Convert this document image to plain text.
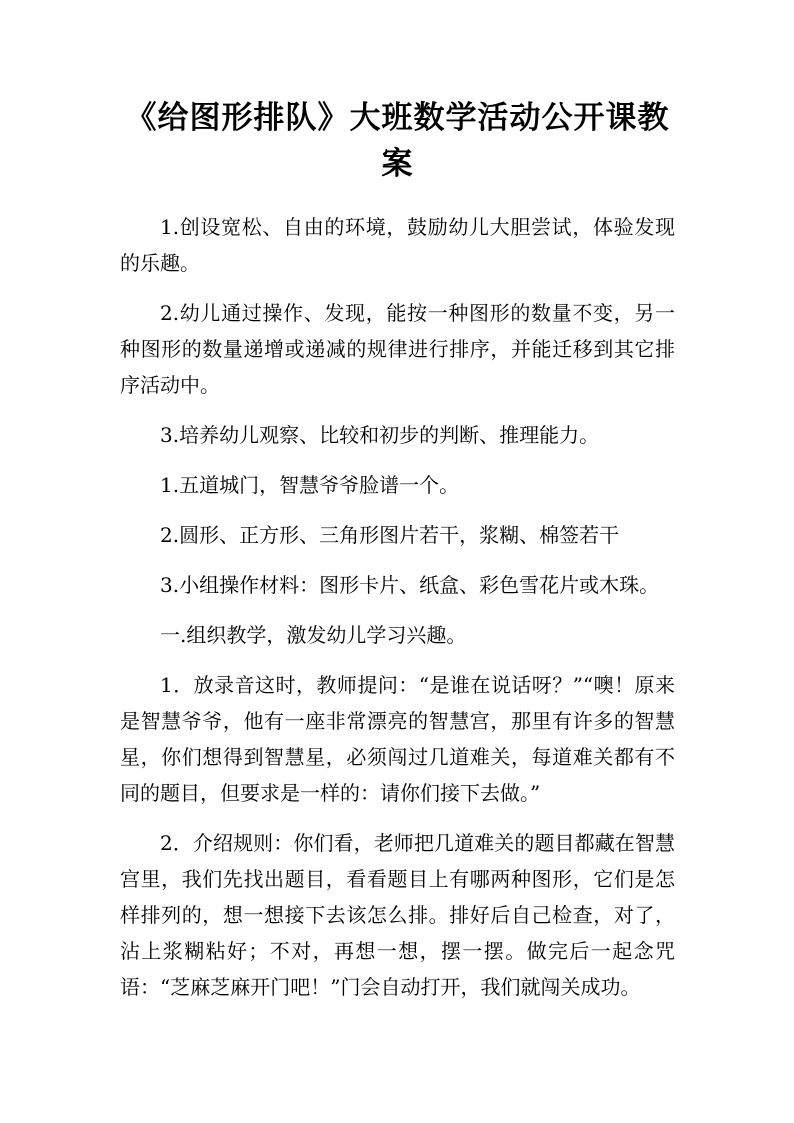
《给图形排队》大班数学活动公开课教案

1.创设宽松、自由的环境，鼓励幼儿大胆尝试，体验发现的乐趣。

2.幼儿通过操作、发现，能按一种图形的数量不变，另一种图形的数量递增或递减的规律进行排序，并能迁移到其它排序活动中。

3.培养幼儿观察、比较和初步的判断、推理能力。

1.五道城门，智慧爷爷脸谱一个。

2.圆形、正方形、三角形图片若干，浆糊、棉签若干

3.小组操作材料：图形卡片、纸盒、彩色雪花片或木珠。

一.组织教学，激发幼儿学习兴趣。

1．放录音这时，教师提问：“是谁在说话呀？”“噢！原来是智慧爷爷，他有一座非常漂亮的智慧宫，那里有许多的智慧星，你们想得到智慧星，必须闯过几道难关，每道难关都有不同的题目，但要求是一样的：请你们接下去做。”

2．介绍规则：你们看，老师把几道难关的题目都藏在智慧宫里，我们先找出题目，看看题目上有哪两种图形，它们是怎样排列的，想一想接下去该怎么排。排好后自己检查，对了，沾上浆糊粘好；不对，再想一想，摆一摆。做完后一起念咒语：“芝麻芝麻开门吧！”门会自动打开，我们就闯关成功。
